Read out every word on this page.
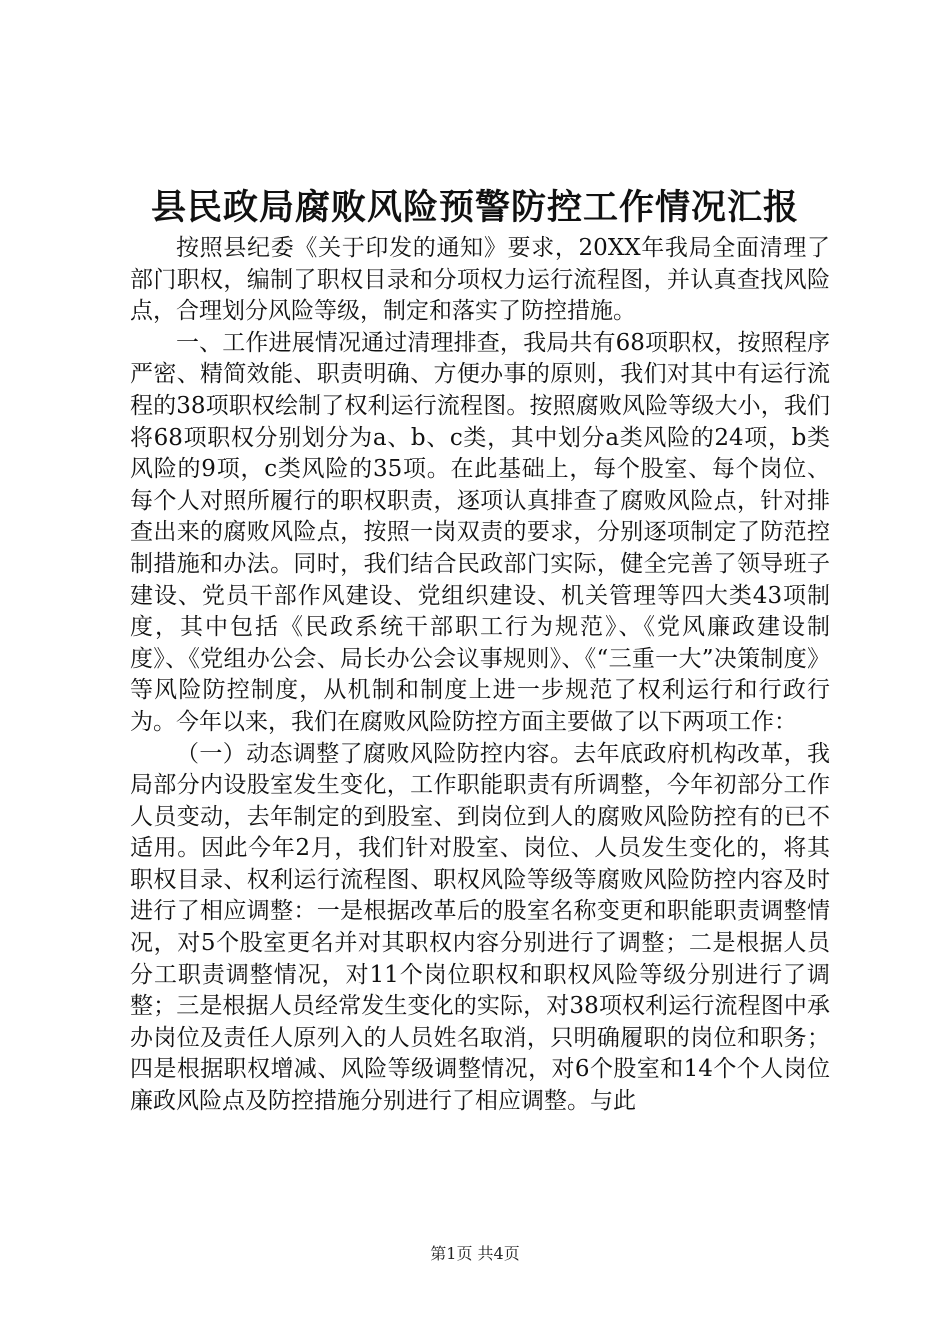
县民政局腐败风险预警防控工作情况汇报

按照县纪委《关于印发的通知》要求，20XX年我局全面清理了部门职权，编制了职权目录和分项权力运行流程图，并认真查找风险点，合理划分风险等级，制定和落实了防控措施。

一、工作进展情况通过清理排查，我局共有68项职权，按照程序严密、精简效能、职责明确、方便办事的原则，我们对其中有运行流程的38项职权绘制了权利运行流程图。按照腐败风险等级大小，我们将68项职权分别划分为a、b、c类，其中划分a类风险的24项，b类风险的9项，c类风险的35项。在此基础上，每个股室、每个岗位、每个人对照所履行的职权职责，逐项认真排查了腐败风险点，针对排查出来的腐败风险点，按照一岗双责的要求，分别逐项制定了防范控制措施和办法。同时，我们结合民政部门实际，健全完善了领导班子建设、党员干部作风建设、党组织建设、机关管理等四大类43项制度，其中包括《民政系统干部职工行为规范》、《党风廉政建设制度》、《党组办公会、局长办公会议事规则》、《“三重一大”决策制度》等风险防控制度，从机制和制度上进一步规范了权利运行和行政行为。今年以来，我们在腐败风险防控方面主要做了以下两项工作：

（一）动态调整了腐败风险防控内容。去年底政府机构改革，我局部分内设股室发生变化，工作职能职责有所调整，今年初部分工作人员变动，去年制定的到股室、到岗位到人的腐败风险防控有的已不适用。因此今年2月，我们针对股室、岗位、人员发生变化的，将其职权目录、权利运行流程图、职权风险等级等腐败风险防控内容及时进行了相应调整：一是根据改革后的股室名称变更和职能职责调整情况，对5个股室更名并对其职权内容分别进行了调整；二是根据人员分工职责调整情况，对11个岗位职权和职权风险等级分别进行了调整；三是根据人员经常发生变化的实际，对38项权利运行流程图中承办岗位及责任人原列入的人员姓名取消，只明确履职的岗位和职务；四是根据职权增减、风险等级调整情况，对6个股室和14个个人岗位廉政风险点及防控措施分别进行了相应调整。与此

第1页 共4页
